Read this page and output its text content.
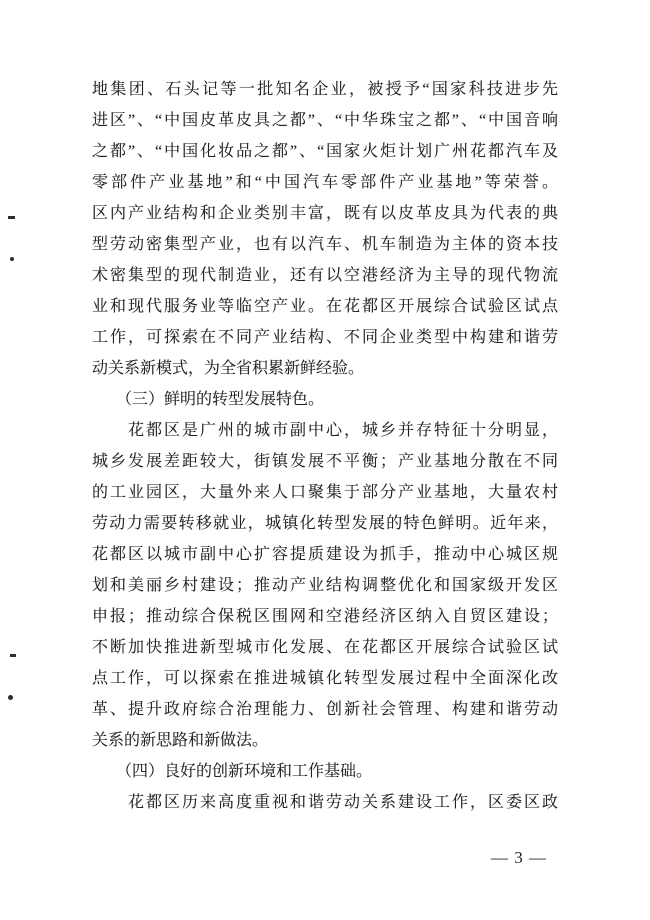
地集团、石头记等一批知名企业，被授予“国家科技进步先
进区”、“中国皮革皮具之都”、“中华珠宝之都”、“中国音响
之都”、“中国化妆品之都”、“国家火炬计划广州花都汽车及
零部件产业基地”和“中国汽车零部件产业基地”等荣誉。
区内产业结构和企业类别丰富，既有以皮革皮具为代表的典
型劳动密集型产业，也有以汽车、机车制造为主体的资本技
术密集型的现代制造业，还有以空港经济为主导的现代物流
业和现代服务业等临空产业。在花都区开展综合试验区试点
工作，可探索在不同产业结构、不同企业类型中构建和谐劳
动关系新模式，为全省积累新鲜经验。
　　（三）鲜明的转型发展特色。
　　花都区是广州的城市副中心，城乡并存特征十分明显，
城乡发展差距较大，街镇发展不平衡；产业基地分散在不同
的工业园区，大量外来人口聚集于部分产业基地，大量农村
劳动力需要转移就业，城镇化转型发展的特色鲜明。近年来，
花都区以城市副中心扩容提质建设为抓手，推动中心城区规
划和美丽乡村建设；推动产业结构调整优化和国家级开发区
申报；推动综合保税区围网和空港经济区纳入自贸区建设；
不断加快推进新型城市化发展、在花都区开展综合试验区试
点工作，可以探索在推进城镇化转型发展过程中全面深化改
革、提升政府综合治理能力、创新社会管理、构建和谐劳动
关系的新思路和新做法。
　　（四）良好的创新环境和工作基础。
　　花都区历来高度重视和谐劳动关系建设工作，区委区政
— 3 —
